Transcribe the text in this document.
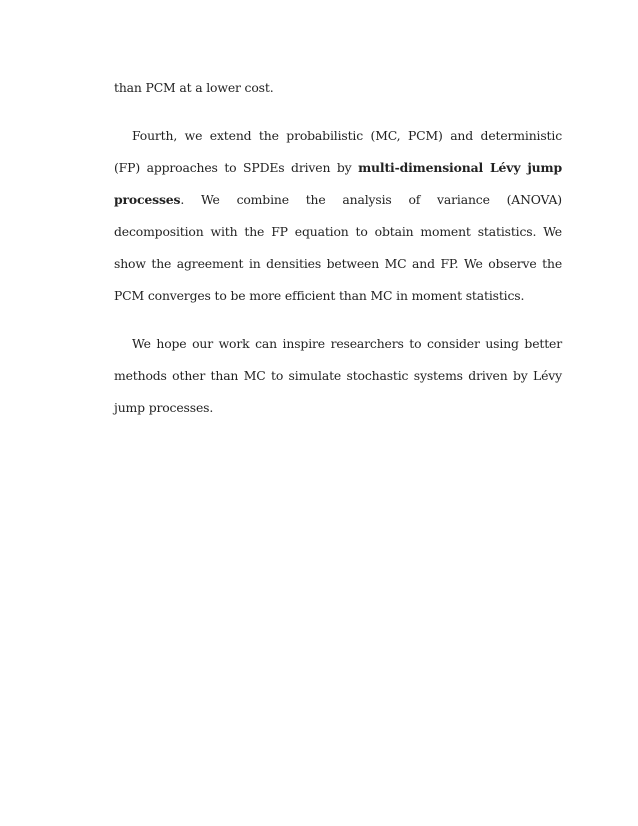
than PCM at a lower cost.

Fourth, we extend the probabilistic (MC, PCM) and deterministic (FP) approaches to SPDEs driven by multi-dimensional Lévy jump processes. We combine the analysis of variance (ANOVA) decomposition with the FP equation to obtain moment statistics. We show the agreement in densities between MC and FP. We observe the PCM converges to be more efficient than MC in moment statistics.

We hope our work can inspire researchers to consider using better methods other than MC to simulate stochastic systems driven by Lévy jump processes.
